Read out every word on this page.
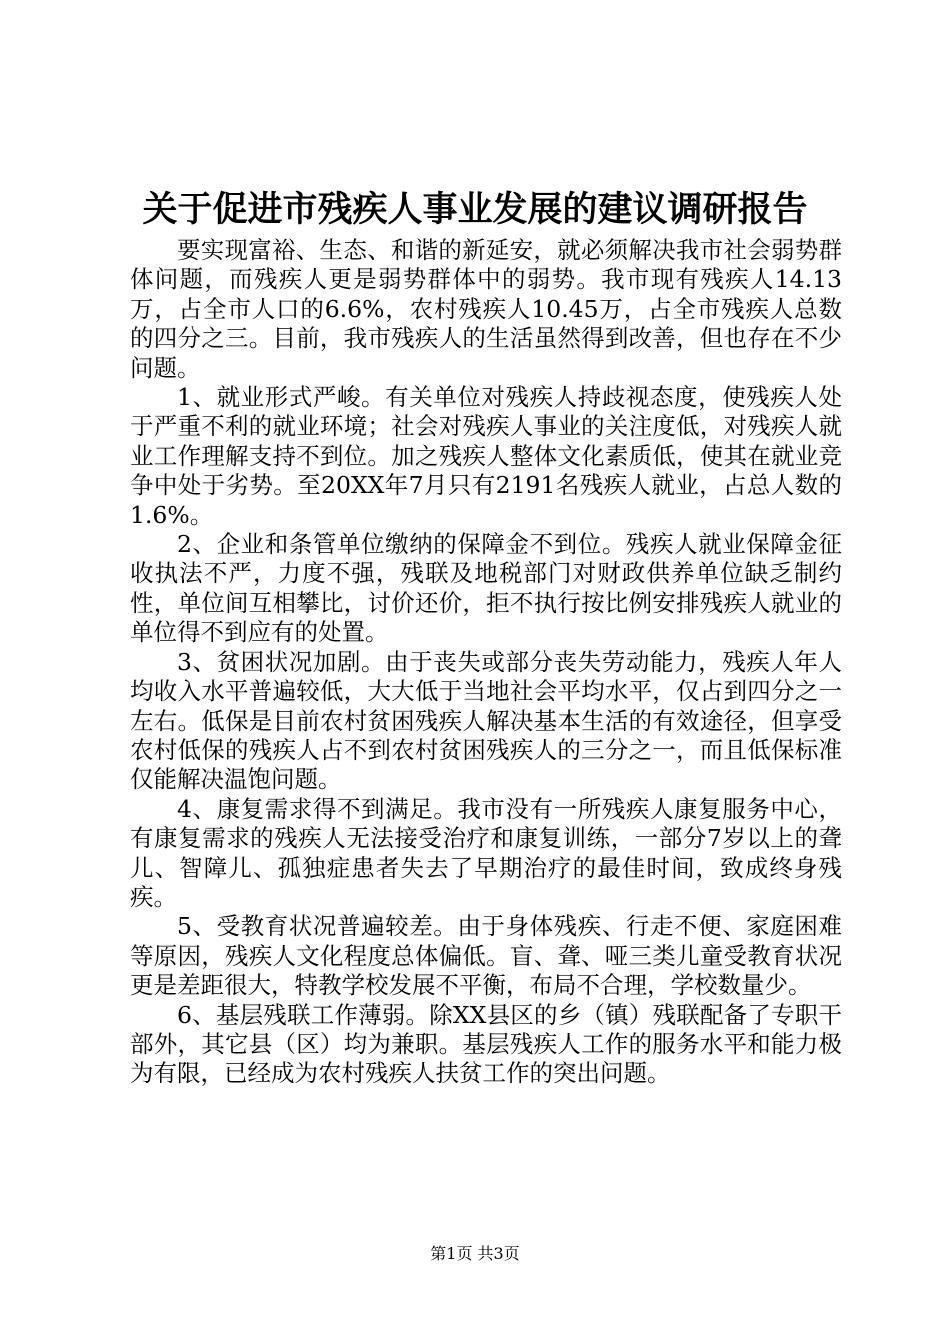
关于促进市残疾人事业发展的建议调研报告

要实现富裕、生态、和谐的新延安，就必须解决我市社会弱势群体问题，而残疾人更是弱势群体中的弱势。我市现有残疾人14.13万，占全市人口的6.6%，农村残疾人10.45万，占全市残疾人总数的四分之三。目前，我市残疾人的生活虽然得到改善，但也存在不少问题。

1、就业形式严峻。有关单位对残疾人持歧视态度，使残疾人处于严重不利的就业环境；社会对残疾人事业的关注度低，对残疾人就业工作理解支持不到位。加之残疾人整体文化素质低，使其在就业竞争中处于劣势。至20XX年7月只有2191名残疾人就业，占总人数的1.6%。

2、企业和条管单位缴纳的保障金不到位。残疾人就业保障金征收执法不严，力度不强，残联及地税部门对财政供养单位缺乏制约性，单位间互相攀比，讨价还价，拒不执行按比例安排残疾人就业的单位得不到应有的处置。

3、贫困状况加剧。由于丧失或部分丧失劳动能力，残疾人年人均收入水平普遍较低，大大低于当地社会平均水平，仅占到四分之一左右。低保是目前农村贫困残疾人解决基本生活的有效途径，但享受农村低保的残疾人占不到农村贫困残疾人的三分之一，而且低保标准仅能解决温饱问题。

4、康复需求得不到满足。我市没有一所残疾人康复服务中心，有康复需求的残疾人无法接受治疗和康复训练，一部分7岁以上的聋儿、智障儿、孤独症患者失去了早期治疗的最佳时间，致成终身残疾。

5、受教育状况普遍较差。由于身体残疾、行走不便、家庭困难等原因，残疾人文化程度总体偏低。盲、聋、哑三类儿童受教育状况更是差距很大，特教学校发展不平衡，布局不合理，学校数量少。

6、基层残联工作薄弱。除XX县区的乡（镇）残联配备了专职干部外，其它县（区）均为兼职。基层残疾人工作的服务水平和能力极为有限，已经成为农村残疾人扶贫工作的突出问题。

第1页 共3页
